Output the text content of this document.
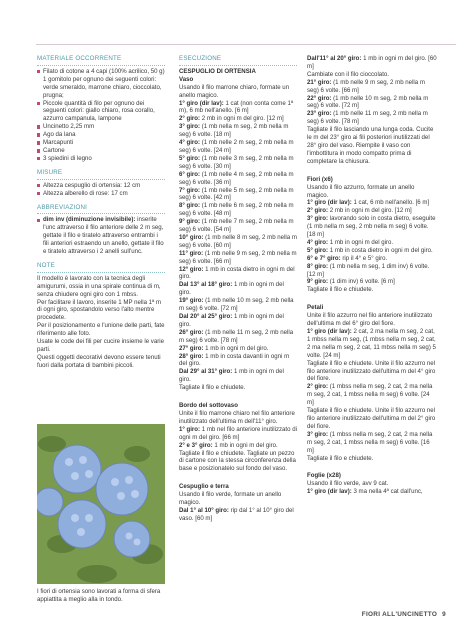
MATERIALE OCCORRENTE
Filato di cotone a 4 capi (100% acrilico, 50 g) 1 gomitolo per ognuno dei seguenti colori: verde smeraldo, marrone chiaro, cioccolato, prugna;
Piccole quantità di filo per ognuno dei seguenti colori: giallo chiaro, rosa corallo, azzurro campanula, lampone
Uncinetto 2,25 mm
Ago da lana
Marcapunti
Cartone
3 spiedini di legno
MISURE
Altezza cespuglio di ortensia: 12 cm
Altezza alberello di rose: 17 cm
ABBREVIAZIONI
dim inv (diminuzione invisibile): inserite l'unc attraverso il filo anteriore delle 2 m seg, gettate il filo e tiratelo attraverso entrambi i fili anteriori estraendo un anello, gettate il filo e tiratelo attraverso i 2 anelli sull'unc.
NOTE

Il modello è lavorato con la tecnica degli amigurumi, ossia in una spirale continua di m, senza chiudere ogni giro con 1 mbss.

Per facilitare il lavoro, inserite 1 MP nella 1ª m di ogni giro, spostandolo verso l'alto mentre procedete.

Per il posizionamento e l'unione delle parti, fate riferimento alle foto.

Usate le code dei fili per cucire insieme le varie parti.

Questi oggetti decorativi devono essere tenuti fuori dalla portata di bambini piccoli.

I fiori di ortensia sono lavorati a forma di sfera appiattita a meglio alla in tondo.
ESECUZIONE

CESPUGLIO DI ORTENSIA

Vaso

Usando il filo marrone chiaro, formate un anello magico.

1° giro (dir lav): 1 cat (non conta come 1ª m), 6 mb nell'anello. [6 m]

2° giro: 2 mb in ogni m del giro. [12 m]

3° giro: (1 mb nella m seg, 2 mb nella m seg) 6 volte. [18 m]

4° giro: (1 mb nelle 2 m seg, 2 mb nella m seg) 6 volte. [24 m]

5° giro: (1 mb nelle 3 m seg, 2 mb nella m seg) 6 volte. [30 m]

6° giro: (1 mb nelle 4 m seg, 2 mb nella m seg) 6 volte. [36 m]

7° giro: (1 mb nelle 5 m seg, 2 mb nella m seg) 6 volte. [42 m]

8° giro: (1 mb nelle 6 m seg, 2 mb nella m seg) 6 volte. [48 m]

9° giro: (1 mb nelle 7 m seg, 2 mb nella m seg) 6 volte. [54 m]

10° giro: (1 mb nelle 8 m seg, 2 mb nella m seg) 6 volte. [60 m]

11° giro: (1 mb nelle 9 m seg, 2 mb nella m seg) 6 volte. [66 m]

12° giro: 1 mb in costa dietro in ogni m del giro.

Dal 13° al 18° giro: 1 mb in ogni m del giro.

19° giro: (1 mb nelle 10 m seg, 2 mb nella m seg) 6 volte. [72 m]

Dal 20° al 25° giro: 1 mb in ogni m del giro.

26° giro: (1 mb nelle 11 m seg, 2 mb nella m seg) 6 volte. [78 m]

27° giro: 1 mb in ogni m del giro.

28° giro: 1 mb in costa davanti in ogni m del giro.

Dal 29° al 31° giro: 1 mb in ogni m del giro.

Tagliate il filo e chiudete.

Bordo del sottovaso

Unite il filo marrone chiaro nel filo anteriore inutilizzato dell'ultima m dell'11° giro.

1° giro: 1 mb nel filo anteriore inutilizzato di ogni m del giro. [66 m]

2° e 3° giro: 1 mb in ogni m del giro.

Tagliate il filo e chiudete. Tagliate un pezzo di cartone con la stessa circonferenza della base e posizionatelo sul fondo del vaso.

Cespuglio e terra

Usando il filo verde, formate un anello magico.

Dal 1° al 10° giro: rip dal 1° al 10° giro del vaso. [60 m]

Dall'11° al 20° giro: 1 mb in ogni m del giro. [60 m]

Cambiate con il filo cioccolato.

21° giro: (1 mb nelle 9 m seg, 2 mb nella m seg) 6 volte. [66 m]

22° giro: (1 mb nelle 10 m seg, 2 mb nella m seg) 6 volte. [72 m]

23° giro: (1 mb nelle 11 m seg, 2 mb nella m seg) 6 volte. [78 m]

Tagliate il filo lasciando una lunga coda. Cucite le m del 23° giro ai fili posteriori inutilizzati del 28° giro del vaso. Riempite il vaso con l'imbottitura in modo compatto prima di completare la chiusura.

Fiori (x6)

Usando il filo azzurro, formate un anello magico.

1° giro (dir lav): 1 cat, 6 mb nell'anello. [6 m]

2° giro: 2 mb in ogni m del giro. [12 m]

3° giro: lavorando solo in costa dietro, eseguite (1 mb nella m seg, 2 mb nella m seg) 6 volte. [18 m]

4° giro: 1 mb in ogni m del giro.

5° giro: 1 mb in costa dietro in ogni m del giro.

6° e 7° giro: rip il 4° e 5° giro.

8° giro: (1 mb nella m seg, 1 dim inv) 6 volte. [12 m]

9° giro: (1 dim inv) 6 volte. [6 m]

Tagliate il filo e chiudete.

Petali

Unite il filo azzurro nel filo anteriore inutilizzato dell'ultima m del 6° giro del fiore.

1° giro (dir lav): 2 cat, 2 ma nella m seg, 2 cat, 1 mbss nella m seg, (1 mbss nella m seg, 2 cat, 2 ma nella m seg, 2 cat, 11 mbss nella m seg) 5 volte. [24 m]

Tagliate il filo e chiudete. Unite il filo azzurro nel filo anteriore inutilizzato dell'ultima m del 4° giro del fiore.

2° giro: (1 mbss nella m seg, 2 cat, 2 ma nella m seg, 2 cat, 1 mbss nella m seg) 6 volte. [24 m]

Tagliate il filo e chiudete. Unite il filo azzurro nel filo anteriore inutilizzato dell'ultima m del 2° giro del fiore.

3° giro: (1 mbss nella m seg, 2 cat, 2 ma nella m seg, 2 cat, 1 mbss nella m seg) 6 volte. [16 m]

Tagliate il filo e chiudete.

Foglie (x28)

Usando il filo verde, avv 9 cat.

1° giro (dir lav): 3 ma nella 4ª cat dall'unc,

FIORI ALL'UNCINETTO 9
